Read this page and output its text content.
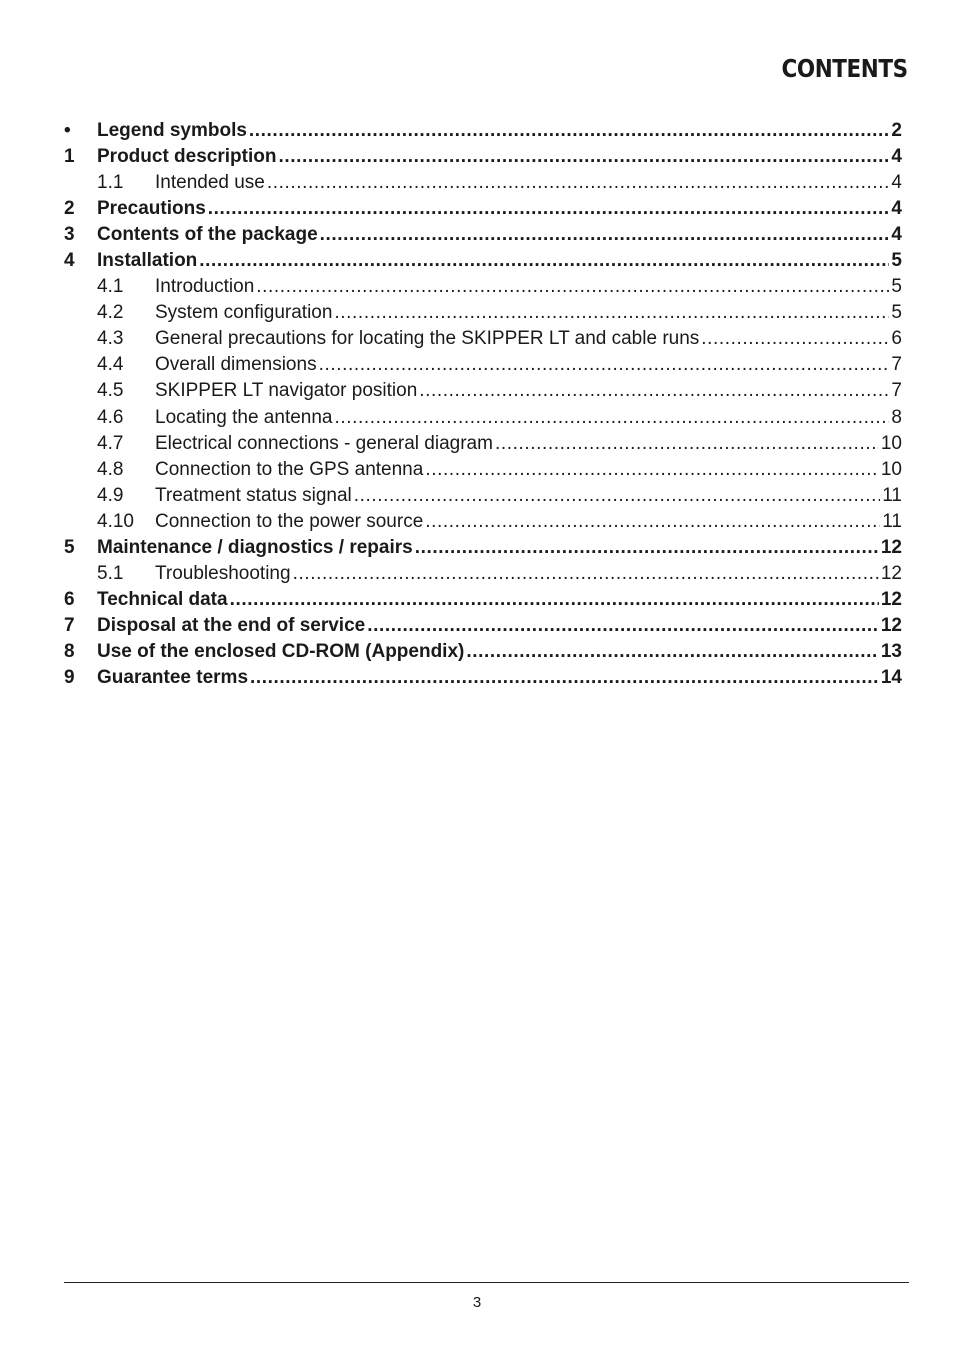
CONTENTS
•	Legend symbols .....	2
1	Product description .....	4
1.1	Intended use .....	4
2	Precautions .....	4
3	Contents of the package .....	4
4	Installation .....	5
4.1	Introduction .....	5
4.2	System configuration .....	5
4.3	General precautions for locating the SKIPPER LT and cable runs .....	6
4.4	Overall dimensions .....	7
4.5	SKIPPER LT navigator position .....	7
4.6	Locating the antenna .....	8
4.7	Electrical connections - general diagram .....	10
4.8	Connection to the GPS antenna .....	10
4.9	Treatment status signal .....	11
4.10	Connection to the power source .....	11
5	Maintenance / diagnostics / repairs .....	12
5.1	Troubleshooting .....	12
6	Technical data .....	12
7	Disposal at the end of service .....	12
8	Use of the enclosed CD-ROM (Appendix) .....	13
9	Guarantee terms .....	14
3
